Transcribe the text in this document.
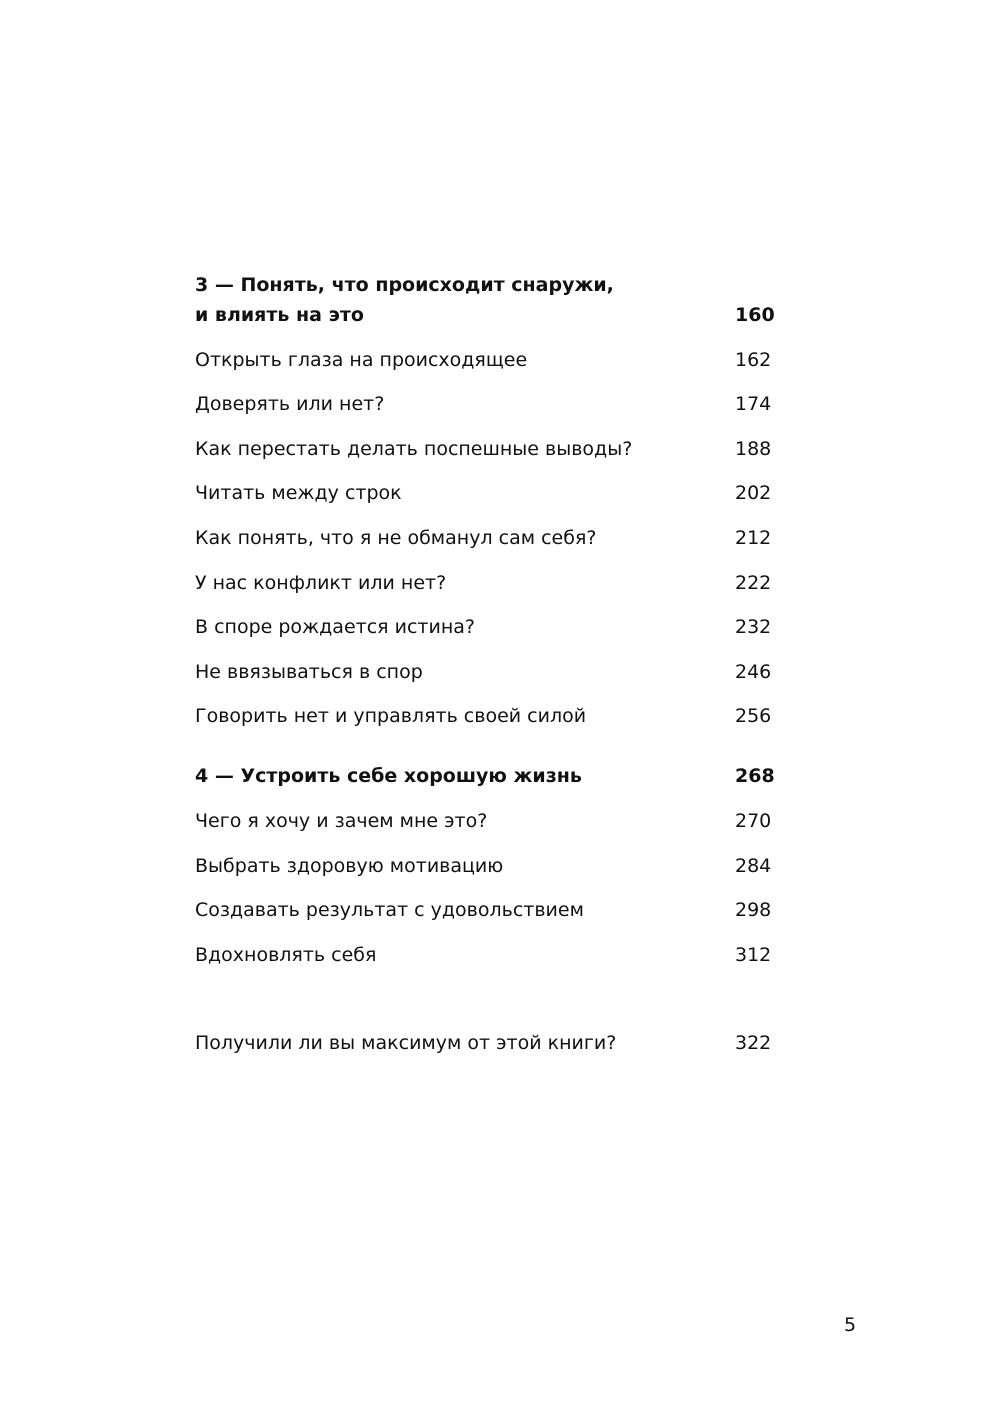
3 — Понять, что происходит снаружи,
и влиять на это	160
Открыть глаза на происходящее	162
Доверять или нет?	174
Как перестать делать поспешные выводы?	188
Читать между строк	202
Как понять, что я не обманул сам себя?	212
У нас конфликт или нет?	222
В споре рождается истина?	232
Не ввязываться в спор	246
Говорить нет и управлять своей силой	256
4 — Устроить себе хорошую жизнь	268
Чего я хочу и зачем мне это?	270
Выбрать здоровую мотивацию	284
Создавать результат с удовольствием	298
Вдохновлять себя	312
Получили ли вы максимум от этой книги?	322
5
